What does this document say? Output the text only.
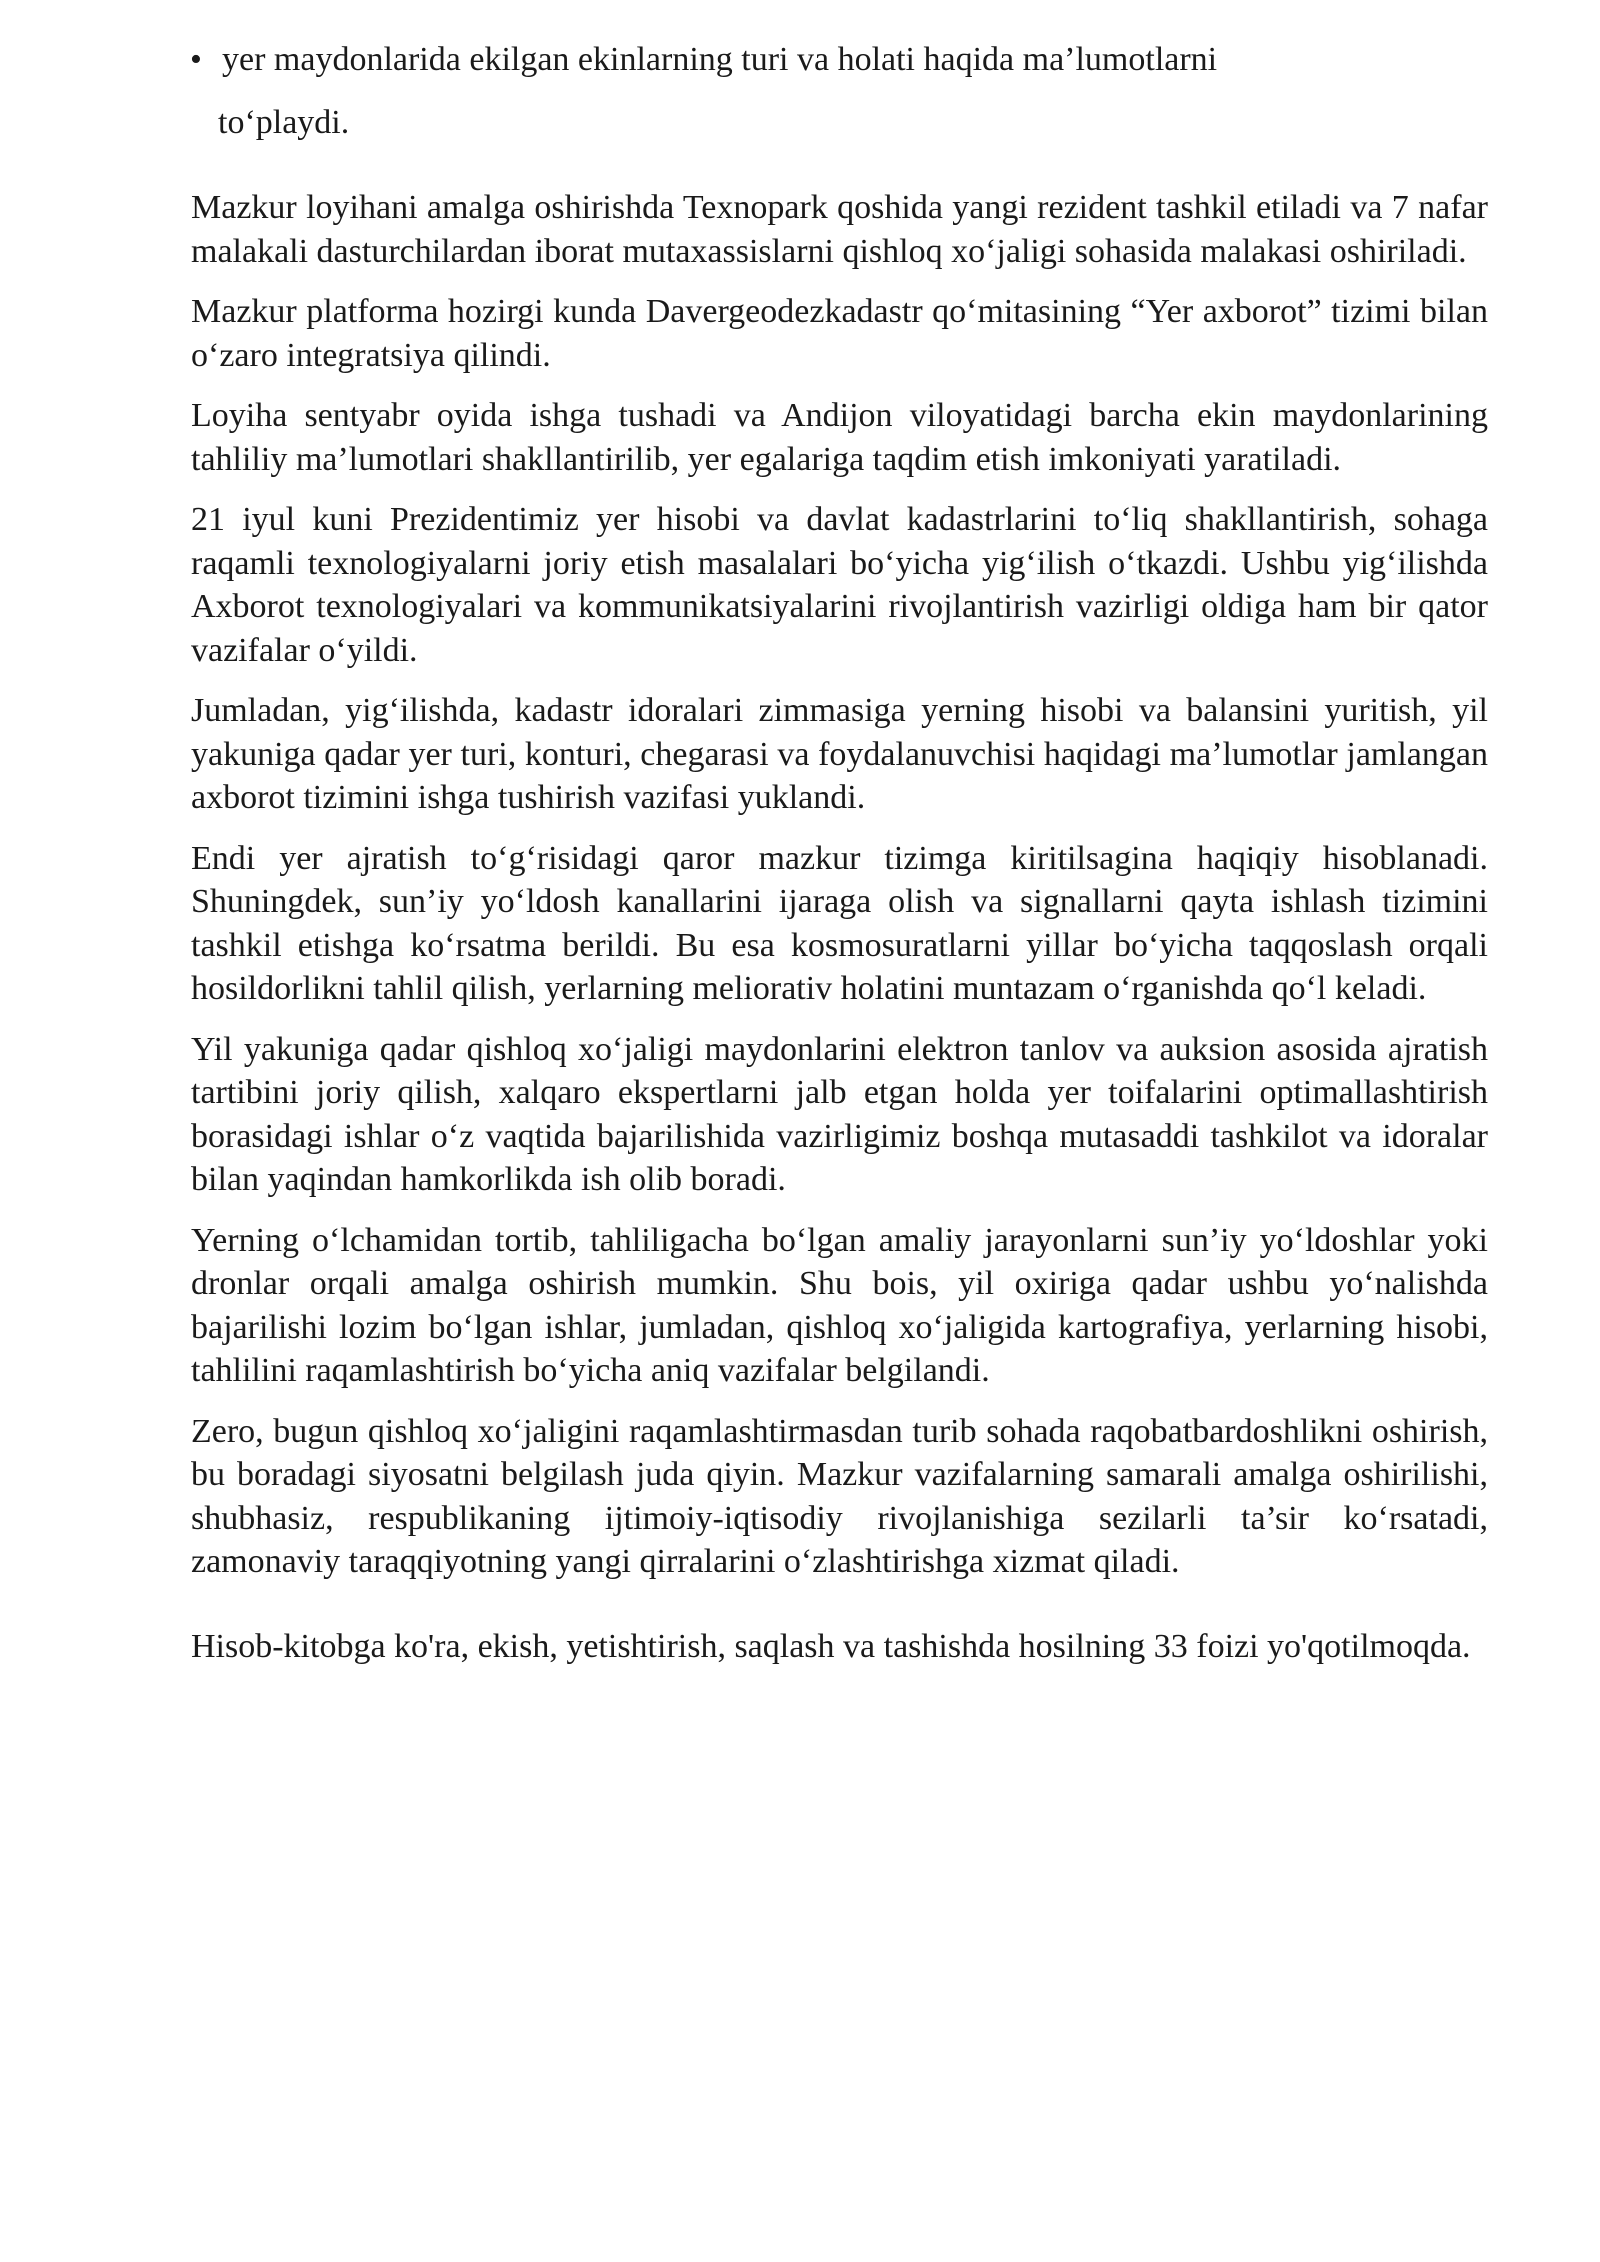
• yer maydonlarida ekilgan ekinlarning turi va holati haqida ma’lumotlarni
to‘playdi.

Mazkur loyihani amalga oshirishda Texnopark qoshida yangi rezident tashkil etiladi va 7 nafar malakali dasturchilardan iborat mutaxassislarni qishloq xo‘jaligi sohasida malakasi oshiriladi.

Mazkur platforma hozirgi kunda Davergeodezkadastr qo‘mitasining “Yer axborot” tizimi bilan o‘zaro integratsiya qilindi.

Loyiha sentyabr oyida ishga tushadi va Andijon viloyatidagi barcha ekin maydonlarining tahliliy ma’lumotlari shakllantirilib, yer egalariga taqdim etish imkoniyati yaratiladi.

21 iyul kuni Prezidentimiz yer hisobi va davlat kadastrlarini to‘liq shakllantirish, sohaga raqamli texnologiyalarni joriy etish masalalari bo‘yicha yig‘ilish o‘tkazdi. Ushbu yig‘ilishda Axborot texnologiyalari va kommunikatsiyalarini rivojlantirish vazirligi oldiga ham bir qator vazifalar o‘yildi.

Jumladan, yig‘ilishda, kadastr idoralari zimmasiga yerning hisobi va balansini yuritish, yil yakuniga qadar yer turi, konturi, chegarasi va foydalanuvchisi haqidagi ma’lumotlar jamlangan axborot tizimini ishga tushirish vazifasi yuklandi.

Endi yer ajratish to‘g‘risidagi qaror mazkur tizimga kiritilsagina haqiqiy hisoblanadi. Shuningdek, sun’iy yo‘ldosh kanallarini ijaraga olish va signallarni qayta ishlash tizimini tashkil etishga ko‘rsatma berildi. Bu esa kosmosuratlarni yillar bo‘yicha taqqoslash orqali hosildorlikni tahlil qilish, yerlarning meliorativ holatini muntazam o‘rganishda qo‘l keladi.

Yil yakuniga qadar qishloq xo‘jaligi maydonlarini elektron tanlov va auksion asosida ajratish tartibini joriy qilish, xalqaro ekspertlarni jalb etgan holda yer toifalarini optimallashtirish borasidagi ishlar o‘z vaqtida bajarilishida vazirligimiz boshqa mutasaddi tashkilot va idoralar bilan yaqindan hamkorlikda ish olib boradi.

Yerning o‘lchamidan tortib, tahliligacha bo‘lgan amaliy jarayonlarni sun’iy yo‘ldoshlar yoki dronlar orqali amalga oshirish mumkin. Shu bois, yil oxiriga qadar ushbu yo‘nalishda bajarilishi lozim bo‘lgan ishlar, jumladan, qishloq xo‘jaligida kartografiya, yerlarning hisobi, tahlilini raqamlashtirish bo‘yicha aniq vazifalar belgilandi.

Zero, bugun qishloq xo‘jaligini raqamlashtirmasdan turib sohada raqobatbardoshlikni oshirish, bu boradagi siyosatni belgilash juda qiyin. Mazkur vazifalarning samarali amalga oshirilishi, shubhasiz, respublikaning ijtimoiy-iqtisodiy rivojlanishiga sezilarli ta’sir ko‘rsatadi, zamonaviy taraqqiyotning yangi qirralarini o‘zlashtirishga xizmat qiladi.

Hisob-kitobga ko'ra, ekish, yetishtirish, saqlash va tashishda hosilning 33 foizi yo'qotilmoqda.
